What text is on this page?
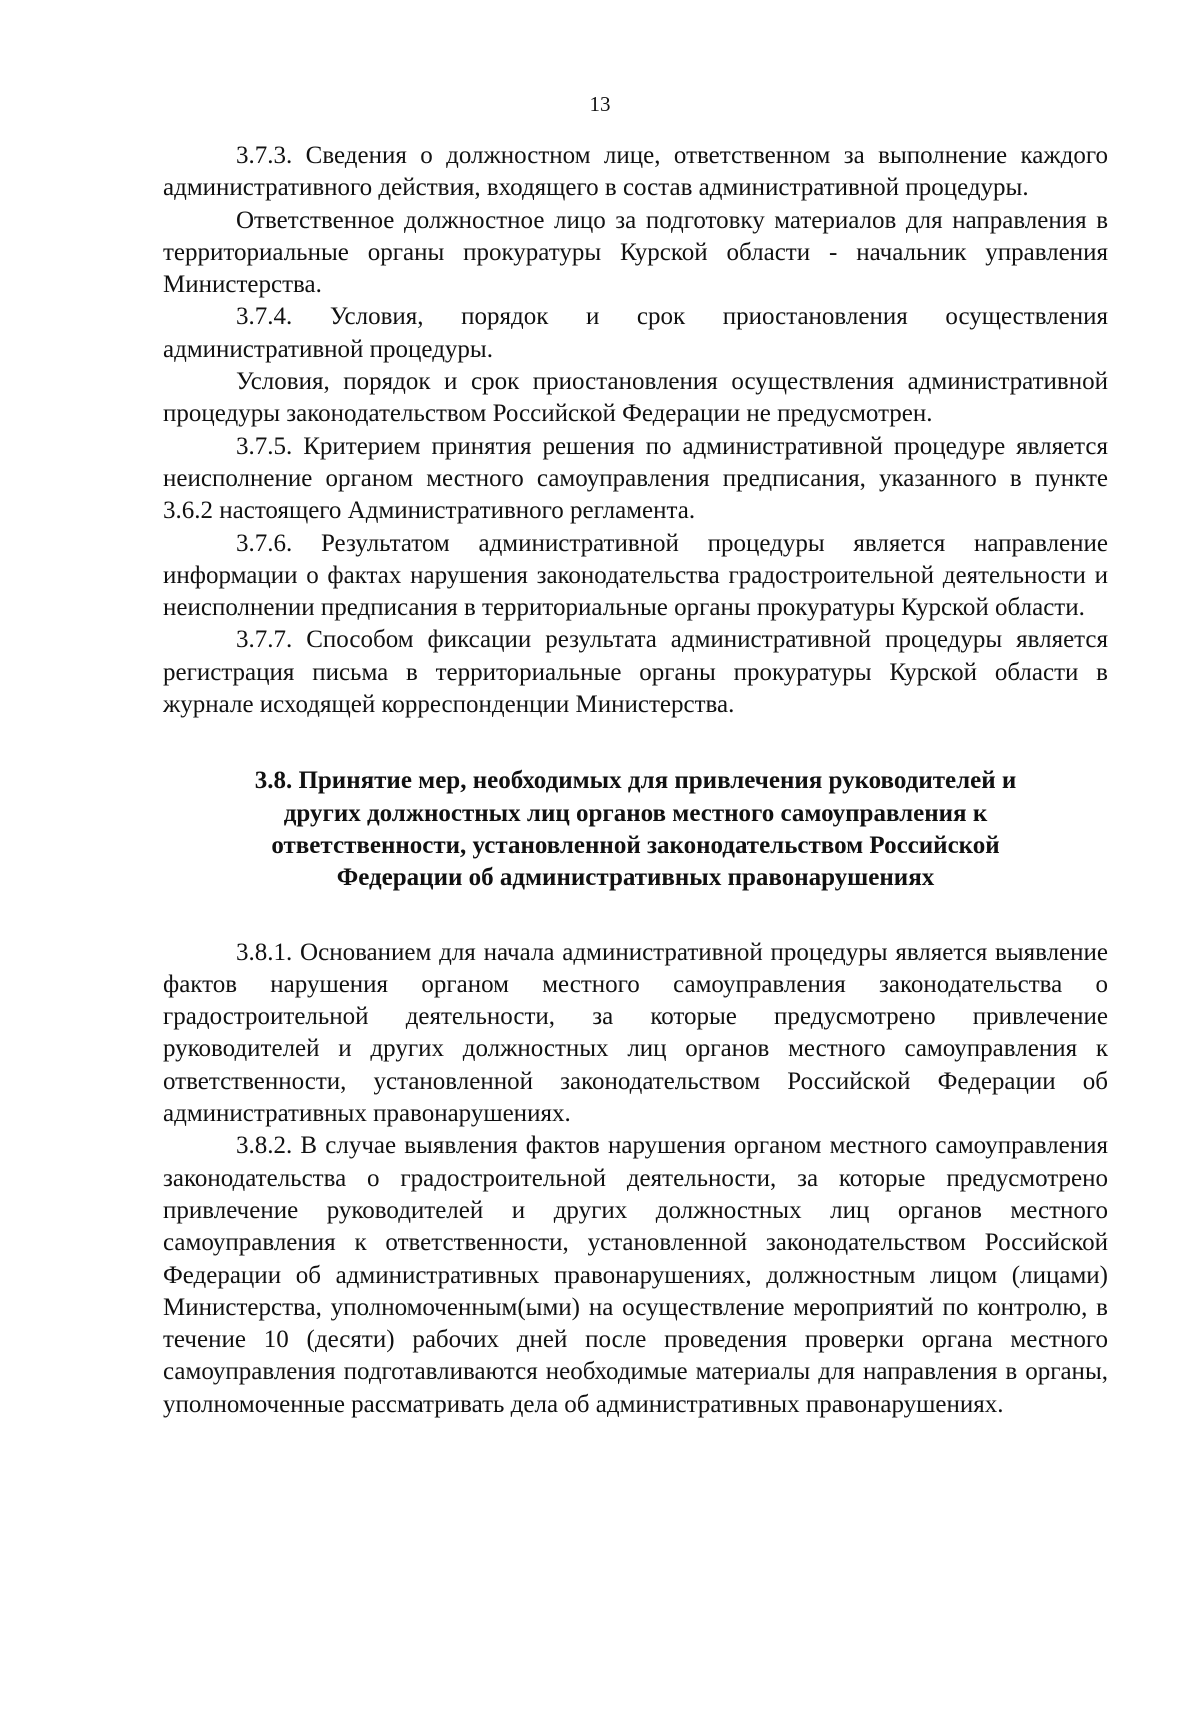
13

3.7.3. Сведения о должностном лице, ответственном за выполнение каждого административного действия, входящего в состав административной процедуры.

Ответственное должностное лицо за подготовку материалов для направления в территориальные органы прокуратуры Курской области - начальник управления Министерства.

3.7.4. Условия, порядок и срок приостановления осуществления административной процедуры.

Условия, порядок и срок приостановления осуществления административной процедуры законодательством Российской Федерации не предусмотрен.

3.7.5. Критерием принятия решения по административной процедуре является неисполнение органом местного самоуправления предписания, указанного в пункте 3.6.2 настоящего Административного регламента.

3.7.6. Результатом административной процедуры является направление информации о фактах нарушения законодательства градостроительной деятельности и неисполнении предписания в территориальные органы прокуратуры Курской области.

3.7.7. Способом фиксации результата административной процедуры является регистрация письма в территориальные органы прокуратуры Курской области в журнале исходящей корреспонденции Министерства.

3.8. Принятие мер, необходимых для привлечения руководителей и
других должностных лиц органов местного самоуправления к
ответственности, установленной законодательством Российской
Федерации об административных правонарушениях

3.8.1. Основанием для начала административной процедуры является выявление фактов нарушения органом местного самоуправления законодательства о градостроительной деятельности, за которые предусмотрено привлечение руководителей и других должностных лиц органов местного самоуправления к ответственности, установленной законодательством Российской Федерации об административных правонарушениях.

3.8.2. В случае выявления фактов нарушения органом местного самоуправления законодательства о градостроительной деятельности, за которые предусмотрено привлечение руководителей и других должностных лиц органов местного самоуправления к ответственности, установленной законодательством Российской Федерации об административных правонарушениях, должностным лицом (лицами) Министерства, уполномоченным(ыми) на осуществление мероприятий по контролю, в течение 10 (десяти) рабочих дней после проведения проверки органа местного самоуправления подготавливаются необходимые материалы для направления в органы, уполномоченные рассматривать дела об административных правонарушениях.
